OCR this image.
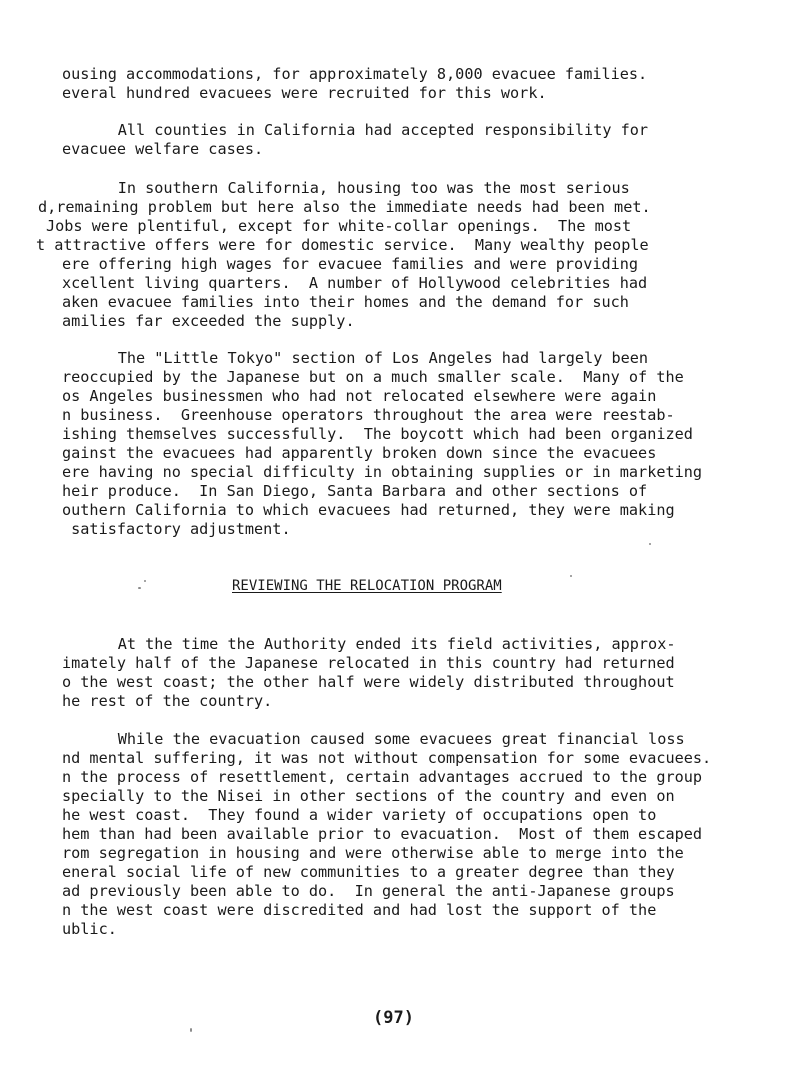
ousing accommodations, for approximately 8,000 evacuee families.
everal hundred evacuees were recruited for this work.
All counties in California had accepted responsibility for
evacuee welfare cases.
In southern California, housing too was the most serious
d,remaining problem but here also the immediate needs had been met.
Jobs were plentiful, except for white-collar openings.  The most
t attractive offers were for domestic service.  Many wealthy people
ere offering high wages for evacuee families and were providing
xcellent living quarters.  A number of Hollywood celebrities had
aken evacuee families into their homes and the demand for such
amilies far exceeded the supply.
The "Little Tokyo" section of Los Angeles had largely been
reoccupied by the Japanese but on a much smaller scale.  Many of the
os Angeles businessmen who had not relocated elsewhere were again
n business.  Greenhouse operators throughout the area were reestab-
ishing themselves successfully.  The boycott which had been organized
gainst the evacuees had apparently broken down since the evacuees
ere having no special difficulty in obtaining supplies or in marketing
heir produce.  In San Diego, Santa Barbara and other sections of
outhern California to which evacuees had returned, they were making
satisfactory adjustment.
REVIEWING THE RELOCATION PROGRAM
At the time the Authority ended its field activities, approx-
imately half of the Japanese relocated in this country had returned
o the west coast; the other half were widely distributed throughout
he rest of the country.
While the evacuation caused some evacuees great financial loss
nd mental suffering, it was not without compensation for some evacuees.
n the process of resettlement, certain advantages accrued to the group
specially to the Nisei in other sections of the country and even on
he west coast.  They found a wider variety of occupations open to
hem than had been available prior to evacuation.  Most of them escaped
rom segregation in housing and were otherwise able to merge into the
eneral social life of new communities to a greater degree than they
ad previously been able to do.  In general the anti-Japanese groups
n the west coast were discredited and had lost the support of the
ublic.
(97)
